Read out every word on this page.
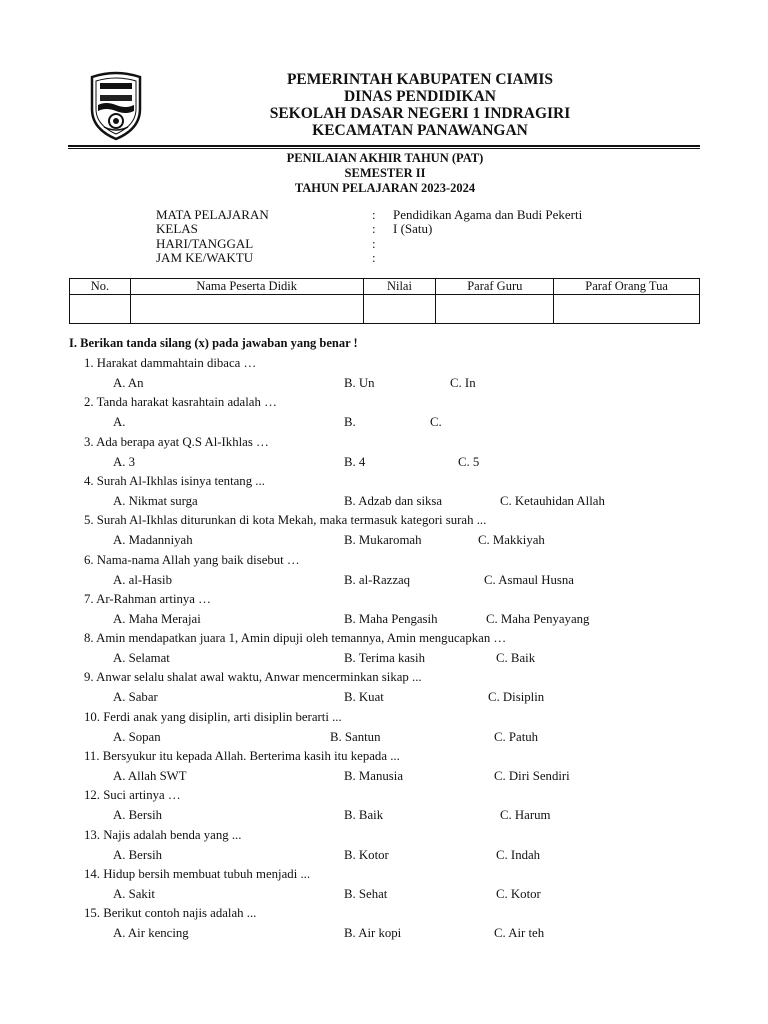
PEMERINTAH KABUPATEN CIAMIS
DINAS PENDIDIKAN
SEKOLAH DASAR NEGERI 1 INDRAGIRI
KECAMATAN PANAWANGAN
PENILAIAN AKHIR TAHUN (PAT)
SEMESTER II
TAHUN PELAJARAN 2023-2024
MATA PELAJARAN	: Pendidikan Agama dan Budi Pekerti
KELAS	: I (Satu)
HARI/TANGGAL	:
JAM KE/WAKTU	:
No.	Nama Peserta Didik	Nilai	Paraf Guru	Paraf Orang Tua

I. Berikan tanda silang (x) pada jawaban yang benar !
1. Harakat dammahtain dibaca …
A. An	B. Un	C. In
2. Tanda harakat kasrahtain adalah …
A.	B.	C.
3. Ada berapa ayat Q.S Al-Ikhlas …
A. 3	B. 4	C. 5
4. Surah Al-Ikhlas isinya tentang ...
A. Nikmat surga	B. Adzab dan siksa	C. Ketauhidan Allah
5. Surah Al-Ikhlas diturunkan di kota Mekah, maka termasuk kategori surah ...
A. Madanniyah	B. Mukaromah	C. Makkiyah
6. Nama-nama Allah yang baik disebut …
A. al-Hasib	B. al-Razzaq	C. Asmaul Husna
7. Ar-Rahman artinya …
A. Maha Merajai	B. Maha Pengasih	C. Maha Penyayang
8. Amin mendapatkan juara 1, Amin dipuji oleh temannya, Amin mengucapkan …
A. Selamat	B. Terima kasih	C. Baik
9. Anwar selalu shalat awal waktu, Anwar mencerminkan sikap ...
A. Sabar	B. Kuat	C. Disiplin
10. Ferdi anak yang disiplin, arti disiplin berarti ...
A. Sopan	B. Santun	C. Patuh
11. Bersyukur itu kepada Allah. Berterima kasih itu kepada ...
A. Allah SWT	B. Manusia	C. Diri Sendiri
12. Suci artinya …
A. Bersih	B. Baik	C. Harum
13. Najis adalah benda yang ...
A. Bersih	B. Kotor	C. Indah
14. Hidup bersih membuat tubuh menjadi ...
A. Sakit	B. Sehat	C. Kotor
15. Berikut contoh najis adalah ...
A. Air kencing	B. Air kopi	C. Air teh
